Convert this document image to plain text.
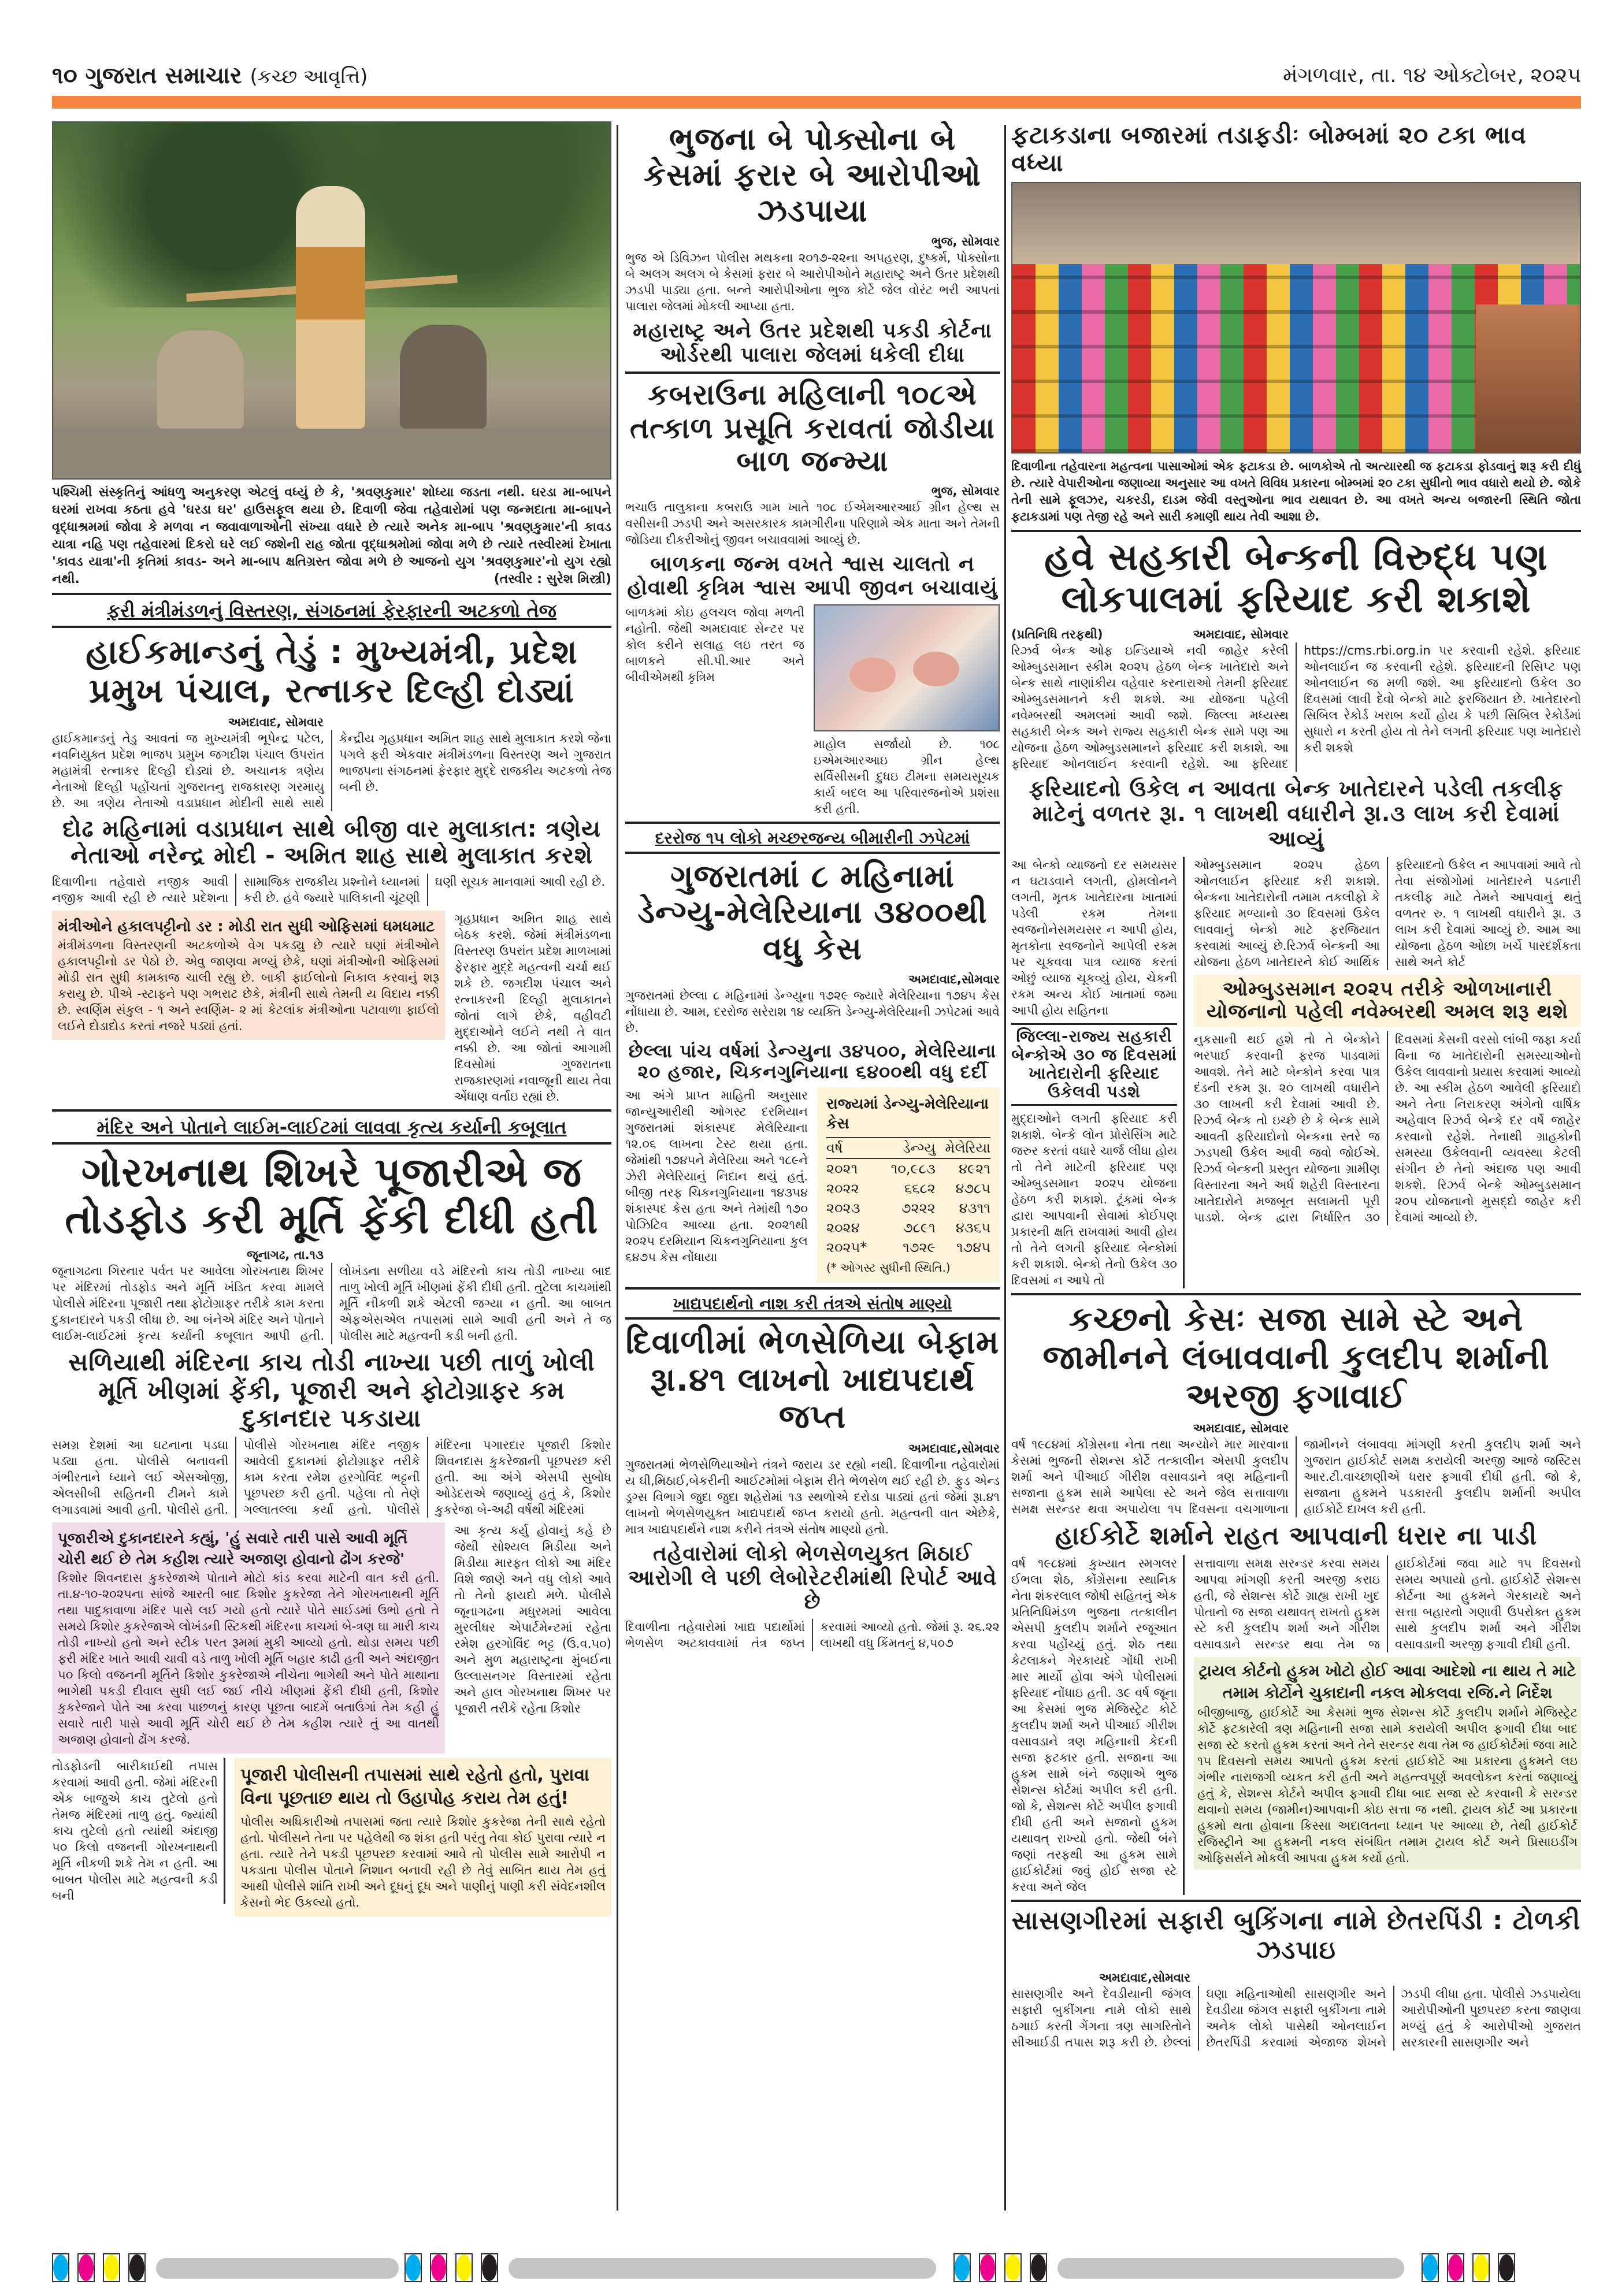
૧૦ ગુજરાત સમાચાર (કચ્છ આવૃત્તિ)	મંગળવાર, તા. ૧૪ ઓક્ટોબર, ૨૦૨૫
પશ્ચિમી સંસ્કૃતિનું આંધળુ અનુકરણ એટલું વધ્યું છે કે, 'શ્રવણકુમાર' શોધ્યા જડતા નથી. ઘરડા મા-બાપને ઘરમાં રાખવા કઠતા હવે 'ઘરડા ઘર' હાઉસફૂલ થયા છે. દિવાળી જેવા તહેવારોમાં પણ જન્મદાતા મા-બાપને વૃદ્ધાશ્રમમાં જોવા કે મળવા ન જવાવાળાઓની સંખ્યા વધારે છે ત્યારે અનેક મા-બાપ 'શ્રવણકુમાર'ની કાવડ યાત્રા નહિ પણ તહેવારમાં દિકરો ઘરે લઈ જશેની રાહ જોતા વૃદ્ધાશ્રમોમાં જોવા મળે છે ત્યારે તસ્વીરમાં દેખાતા 'કાવડ યાત્રા'ની કૃતિમાં કાવડ- અને મા-બાપ ક્ષતિગ્રસ્ત જોવા મળે છે આજનો યુગ 'શ્રવણકુમાર'નો યુગ રહ્યો નથી.	(તસ્વીર : સુરેશ મિસ્ત્રી)
ફરી મંત્રીમંડળનું વિસ્તરણ, સંગઠનમાં ફેરફારની અટકળો તેજ
હાઈકમાન્ડનું તેડું : મુખ્યમંત્રી, પ્રદેશ પ્રમુખ પંચાલ, રત્નાકર દિલ્હી દોડ્યાં
અમદાવાદ, સોમવાર
હાઈકમાન્ડનું તેડુ આવતાં જ મુખ્યમંત્રી ભૂપેન્દ્ર પટેલ, નવનિયુક્ત પ્રદેશ ભાજપ પ્રમુખ જગદીશ પંચાલ ઉપરાંત મહામંત્રી રત્નાકર દિલ્હી દોડ્યાં છે. અચાનક ત્રણેય નેતાઓ દિલ્હી પહોંચતાં ગુજરાતનુ રાજકારણ ગરમાયુ છે. આ ત્રણેય નેતાઓ વડાપ્રધાન મોદીની સાથે સાથે કેન્દ્રીય ગૃહપ્રધાન અમિત શાહ સાથે મુલાકાત કરશે જેના પગલે ફરી એકવાર મંત્રીમંડળના વિસ્તરણ અને ગુજરાત ભાજપના સંગઠનમાં ફેરફાર મુદ્દે રાજકીય અટકળો તેજ બની છે.
દોઢ મહિનામાં વડાપ્રધાન સાથે બીજી વાર મુલાકાત: ત્રણેય નેતાઓ નરેન્દ્ર મોદી - અમિત શાહ સાથે મુલાકાત કરશે
દિવાળીના તહેવારો નજીક આવી નજીક આવી રહી છે ત્યારે પ્રદેશના સામાજિક રાજકીય પ્રશ્નોને ધ્યાનમાં કરી છે. હવે જ્યારે પાલિકાની ચૂંટણી ઘણી સૂચક માનવામાં આવી રહી છે.
મંત્રીઓને હકાલપટ્ટીનો ડર : મોડી રાત સુધી ઓફિસમાં ધમધમાટ
મંત્રીમંડળના વિસ્તરણની અટકળોએ વેગ પકડ્યુ છે ત્યારે ઘણાં મંત્રીઓને હકાલપટ્ટીનો ડર પેઠો છે. એવુ જાણવા મળ્યું છેકે, ઘણાં મંત્રીઓની ઓફિસમાં મોડી રાત સુધી કામકાજ ચાલી રહ્યુ છે. બાકી ફાઈલોનો નિકાલ કરવાનું શરૂ કરાયુ છે. પીએ -સ્ટાફને પણ ગભરાટ છેકે, મંત્રીની સાથે તેમની ય વિદાય નક્કી છે. સ્વર્ણિમ સંકુલ - ૧ અને સ્વર્ણિમ- ૨ માં કેટલાંક મંત્રીઓના પટાવાળા ફાઈલો લઈને દોડાદોડ કરતાં નજરે પડ્યાં હતાં.
ગૃહપ્રધાન અમિત શાહ સાથે બેઠક કરશે. જેમાં મંત્રીમંડળના વિસ્તરણ ઉપરાંત પ્રદેશ માળખામાં ફેરફાર મુદ્દે મહત્વની ચર્ચા થઈ શકે છે. જગદીશ પંચાલ અને રત્નાકરની દિલ્હી મુલાકાતને જોતાં લાગે છેકે, વહીવટી મુદ્દાઓને લઈને નથી તે વાત નક્કી છે. આ જોતાં આગામી દિવસોમાં ગુજરાતના રાજકારણમાં નવાજૂની થાય તેવા એંધાણ વર્તાઇ રહ્યાં છે.
મંદિર અને પોતાને લાઈમ-લાઈટમાં લાવવા કૃત્ય કર્યાની કબૂલાત
ગોરખનાથ શિખરે પૂજારીએ જ તોડફોડ કરી મૂર્તિ ફેંકી દીધી હતી
જૂનાગઢ, તા.૧૩
જૂનાગઢના ગિરનાર પર્વત પર આવેલા ગોરખનાથ શિખર પર મંદિરમાં તોડફોડ અને મૂર્તિ ખંડિત કરવા મામલે પોલીસે મંદિરના પૂજારી તથા ફોટોગ્રાફર તરીકે કામ કરતા દુકાનદારને પકડી લીધા છે. આ બંનેએ મંદિર અને પોતાને લાઈમ-લાઈટમાં કૃત્ય કર્યાની કબૂલાત આપી હતી. લોખંડના સળીયા વડે મંદિરનો કાચ તોડી નાખ્યા બાદ તાળુ ખોલી મૂર્તિ ખીણમાં ફેંકી દીધી હતી. તુટેલા કાચમાંથી મૂર્તિ નીકળી શકે એટલી જગ્યા ન હતી. આ બાબત એફએસએલ તપાસમાં સામે આવી હતી અને તે જ પોલીસ માટે મહત્વની કડી બની હતી.
સળિયાથી મંદિરના કાચ તોડી નાખ્યા પછી તાળું ખોલી મૂર્તિ ખીણમાં ફેંકી, પૂજારી અને ફોટોગ્રાફર કમ દુકાનદાર પકડાયા
સમગ્ર દેશમાં આ ઘટનાના પડઘા પડ્યા હતા. પોલીસે બનાવની ગંભીરતાને ધ્યાને લઈ એસઓજી, એલસીબી સહિતની ટીમને કામે લગાડવામાં આવી હતી. પોલીસે હતી. પોલીસે ગોરખનાથ મંદિર નજીક આવેલી દુકાનમાં ફોટોગ્રાફર તરીકે કામ કરતા રમેશ હરગોવિંદ ભટ્ટની પૂછપરછ કરી હતી. પહેલા તો તેણે ગલ્લાતલ્લા કર્યા હતો. પોલીસે મંદિરના પગારદાર પૂજારી કિશોર શિવનદાસ કુકરેજાની પૂછપરછ કરી હતી. આ અંગે એસપી સુબોધ ઓડેદરાએ જણાવ્યું હતું કે, કિશોર કુકરેજા બે-અઢી વર્ષથી મંદિરમાં
પૂજારીએ દુકાનદારને કહ્યું, 'હું સવારે તારી પાસે આવી મૂર્તિ ચોરી થઈ છે તેમ કહીશ ત્યારે અજાણ હોવાનો ઢોંગ કરજે'
કિશોર શિવનદાસ કુકરેજાએ પોતાને મોટો કાંડ કરવા માટેની વાત કરી હતી. તા.૪-૧૦-૨૦૨૫ના સાંજે આરતી બાદ કિશોર કુકરેજા તેને ગોરખનાથની મૂર્તિ તથા પાદુકાવાળા મંદિર પાસે લઈ ગયો હતો ત્યારે પોતે સાઈડમાં ઉભો હતો તે સમયે કિશોર કુકરેજાએ લોખંડની સ્ટિકથી મંદિરના કાચમાં બે-ત્રણ ઘા મારી કાચ તોડી નાખ્યો હતો અને સ્ટીક પરત રૂમમાં મુકી આવ્યો હતો. થોડા સમય પછી ફરી મંદિર ખાતે આવી ચાવી વડે તાળુ ખોલી મૂર્તિ બહાર કાઢી હતી અને અંદાજીત ૫૦ કિલો વજનની મૂર્તિને કિશોર કુકરેજાએ નીચેના ભાગેથી અને પોતે માથાના ભાગેથી પકડી દીવાલ સુધી લઈ જઈ નીચે ખીણમાં ફેંકી દીધી હતી, કિશોર કુકરેજાને પોતે આ કરવા પાછળનું કારણ પૂછતા બાદમેં બતાઉંગાં તેમ કહી હું સવારે તારી પાસે આવી મૂર્તિ ચોરી થઈ છે તેમ કહીશ ત્યારે તું આ વાતથી અજાણ હોવાનો ઢોંગ કરજે.
આ કૃત્ય કર્યુ હોવાનું કહે છે જેથી સોશ્યલ મિડીયા અને મિડીયા મારફત લોકો આ મંદિર વિશે જાણે અને વધુ લોકો આવે તો તેનો ફાયદો મળે. પોલીસે જૂનાગઢના મધુરમમાં આવેલા મુરલીધર એપાર્ટમેન્ટમાં રહેતા રમેશ હરગોવિંદ ભટ્ટ (ઉ.વ.૫૦) અને મુળ મહારાષ્ટ્રના મુંબઈના ઉલ્લાસનગર વિસ્તારમાં રહેતા અને હાલ ગોરખનાથ શિખર પર પૂજારી તરીકે રહેતા કિશોર
તોડફોડની બારીકાઈથી તપાસ કરવામાં આવી હતી. જેમાં મંદિરની એક બાજુએ કાચ તુટેલો હતો તેમજ મંદિરમાં તાળુ હતું. જ્યાંથી કાચ તુટેલો હતો ત્યાંથી અંદાજી ૫૦ કિલો વજનની ગોરખનાથની મૂર્તિ નીકળી શકે તેમ ન હતી. આ બાબત પોલીસ માટે મહત્વની કડી બની
પૂજારી પોલીસની તપાસમાં સાથે રહેતો હતો, પુરાવા વિના પૂછતાછ થાય તો ઉહાપોહ કરાય તેમ હતું!
પોલીસ અધિકારીઓ તપાસમાં જતા ત્યારે કિશોર કુકરેજા તેની સાથે રહેતો હતો. પોલીસને તેના પર પહેલેથી જ શંકા હતી પરંતુ તેવા કોઈ પુરાવા ત્યારે ન હતા. ત્યારે તેને પકડી પૂછપરછ કરવામાં આવે તો પોલીસ સામે આરોપી ન પકડાતા પોલીસ પોતાને નિશાન બનાવી રહી છે તેવું સાબિત થાય તેમ હતું આથી પોલીસે શાંતિ રાખી અને દૂધનું દૂધ અને પાણીનું પાણી કરી સંવેદનશીલ કેસનો ભેદ ઉકલ્યો હતો.
ભુજના બે પોક્સોના બે કેસમાં ફરાર બે આરોપીઓ ઝડપાયા
ભુજ, સોમવાર
ભુજ એ ડિવિઝન પોલીસ મથકના ૨૦૧૭-૨૨ના અપહરણ, દુષ્કર્મ, પોક્સોના બે અલગ અલગ બે કેસમાં ફરાર બે આરોપીઓને મહારાષ્ટ્ર અને ઉતર પ્રદેશથી ઝડપી પાડ્યા હતા. બન્ને આરોપીઓના ભુજ કોર્ટે જેલ વોરંટ ભરી આપતાં પાલારા જેલમાં મોકલી આપ્યા હતા.
મહારાષ્ટ્ર અને ઉતર પ્રદેશથી પકડી કોર્ટના ઓર્ડરથી પાલારા જેલમાં ધકેલી દીધા
કબરાઉના મહિલાની ૧૦૮એ તત્કાળ પ્રસૂતિ કરાવતાં જોડીયા બાળ જન્મ્યા
ભુજ, સોમવાર
ભચાઉ તાલુકાના કબરાઉ ગામ ખાતે ૧૦૮ ઈએમઆરઆઈ ગ્રીન હેલ્થ સ વસીસની ઝડપી અને અસરકારક કામગીરીના પરિણામે એક માતા અને તેમની જોડિયા દીકરીઓનું જીવન બચાવવામાં આવ્યું છે.
બાળકના જન્મ વખતે શ્વાસ ચાલતો ન હોવાથી કૃત્રિમ શ્વાસ આપી જીવન બચાવાયું
બાળકમાં કોઇ હલચલ જોવા મળતી નહોતી. જેથી અમદાવાદ સેન્ટર પર કોલ કરીને સલાહ લઇ તરત જ બાળકને સી.પી.આર અને બીવીએમથી કૃત્રિમ
માહોલ સર્જાયો છે. ૧૦૮ ઇએમઆરઆઇ ગ્રીન હેલ્થ સર્વિસીસની દુધઇ ટીમના સમયસૂચક કાર્ય બદલ આ પરિવારજનોએ પ્રશંસા કરી હતી.
દરરોજ ૧૫ લોકો મચ્છરજન્ય બીમારીની ઝપેટમાં
ગુજરાતમાં ૮ મહિનામાં ડેન્ગ્યુ-મેલેરિયાના ૩૪૦૦થી વધુ કેસ
અમદાવાદ,સોમવાર
ગુજરાતમાં છેલ્લા ૮ મહિનામાં ડેન્ગ્યુના ૧૭૨૯ જ્યારે મેલેરિયાના ૧૭૪૫ કેસ નોંધાયા છે. આમ, દરરોજ સરેરાશ ૧૪ વ્યક્તિ ડેન્ગ્યુ-મેલેરિયાની ઝપેટમાં આવે છે.
છેલ્લા પાંચ વર્ષમાં ડેન્ગ્યુના ૩૪૫૦૦, મેલેરિયાના ૨૦ હજાર, ચિકનગુનિયાના ૬૪૦૦થી વધુ દર્દી
આ અંગે પ્રાપ્ત માહિતી અનુસાર જાન્યુઆરીથી ઓગસ્ટ દરમિયાન ગુજરાતમાં શંકાસ્પદ મેલેરિયાના ૧૨.૦૬ લાખના ટેસ્ટ થયા હતા. જેમાંથી ૧૭૪૫ને મેલેરિયા અને ૧૮૯ને ઝેરી મેલેરિયાનું નિદાન થયું હતું. બીજી તરફ ચિકનગુનિયાના ૧૪૩૫૪ શંકાસ્પદ કેસ હતા અને તેમાંથી ૧૭૦ પોઝિટિવ આવ્યા હતા. ૨૦૨૧થી ૨૦૨૫ દરમિયાન ચિકનગુનિયાના કુલ ૬૪૭૫ કેસ નોંધાયા
રાજ્યમાં ડેન્ગ્યુ-મેલેરિયાના કેસ
વર્ષ	ડેન્ગ્યુ મેલેરિયા
૨૦૨૧	૧૦,૯૮૩	૪૯૨૧
૨૦૨૨	૬૬૮૨	૪૭૮૫
૨૦૨૩	૭૨૨૨	૪૩૧૧
૨૦૨૪	૭૮૯૧	૪૩૬૫
૨૦૨૫*	૧૭૨૯	૧૭૪૫
(* ઓગસ્ટ સુધીની સ્થિતિ.)
ખાદ્યપદાર્થનો નાશ કરી તંત્રએ સંતોષ માણ્યો
દિવાળીમાં ભેળસેળિયા બેફામ રૂા.૪૧ લાખનો ખાદ્યપદાર્થ જપ્ત
અમદાવાદ,સોમવાર
ગુજરાતમાં ભેળસેળિયાઓને તંત્રને જરાય ડર રહ્યો નથી. દિવાળીના તહેવારોમાં ય ઘી,મિઠાઈ,બેકરીની આઈટમોમાં બેફામ રીતે ભેળસેળ થઈ રહી છે. ફુડ એન્ડ ડ્રગ્સ વિભાગે જુદા જુદા શહેરોમાં ૧૩ સ્થળોએ દરોડા પાડ્યાં હતાં જેમાં રૂા.૪૧ લાખનો ભેળસેળયુક્ત ખાદ્યપદાર્થ જપ્ત કરાયો હતો. મહત્વની વાત એછેકે, માત્ર ખાદ્યપદાર્થને નાશ કરીને તંત્રએ સંતોષ માણ્યો હતો.
તહેવારોમાં લોકો ભેળસેળયુક્ત મિઠાઈ આરોગી લે પછી લેબોરેટરીમાંથી રિપોર્ટ આવે છે
દિવાળીના તહેવારોમાં ખાદ્ય પદાર્થોમાં ભેળસેળ અટકાવવામાં તંત્ર જપ્ત કરવામાં આવ્યો હતો. જેમાં રૂ. ૨૬.૨૨ લાખથી વધુ કિંમતનું ૪,૫૦૭
ફટાકડાના બજારમાં તડાફડીઃ બોમ્બમાં ૨૦ ટકા ભાવ વધ્યા
દિવાળીના તહેવારના મહત્વના પાસાઓમાં એક ફટાકડા છે. બાળકોએ તો અત્યારથી જ ફટાકડા ફોડવાનું શરૂ કરી દીધું છે. ત્યારે વેપારીઓના જણાવ્યા અનુસાર આ વખતે વિવિધ પ્રકારના બોમ્બમાં ૨૦ ટકા સુધીનો ભાવ વધારો થયો છે. જોકે તેની સામે ફૂલઝર, ચકરડી, દાડમ જેવી વસ્તુઓના ભાવ યથાવત છે. આ વખતે અન્ય બજારની સ્થિતિ જોતા ફટાકડામાં પણ તેજી રહે અને સારી કમાણી થાય તેવી આશા છે.
હવે સહકારી બેન્કની વિરુદ્ધ પણ લોકપાલમાં ફરિયાદ કરી શકાશે
(પ્રતિનિધિ તરફથી)	અમદાવાદ, સોમવાર
રિઝર્વ બેન્ક ઓફ ઇન્ડિયાએ નવી જાહેર કરેલી ઓમ્બુડસમાન સ્કીમ ૨૦૨૫ હેઠળ બેન્ક ખાતેદારો અને બેન્ક સાથે નાણાંકીય વહેવાર કરનારાઓ તેમની ફરિયાદ ઓમ્બુડસમાનને કરી શકશે. આ યોજના પહેલી નવેમ્બરથી અમલમાં આવી જશે. જિલ્લા મધ્યસ્થ સહકારી બેન્ક અને રાજ્ય સહકારી બેન્ક સામે પણ આ યોજના હેઠળ ઓમ્બુડસમાનને ફરિયાદ કરી શકાશે. આ ફરિયાદ ઓનલાઈન કરવાની રહેશે. આ ફરિયાદ https://cms.rbi.org.in પર કરવાની રહેશે. ફરિયાદ ઓનલાઈન જ કરવાની રહેશે. ફરિયાદની રિસિપ્ટ પણ ઓનલાઈન જ મળી જશે. આ ફરિયાદનો ઉકેલ ૩૦ દિવસમાં લાવી દેવો બેન્કો માટે ફરજિયાત છે. ખાતેદારનો સિબિલ રેકોર્ડ ખરાબ કર્યો હોય કે પછી સિબિલ રેકોર્ડમાં સુધારો ન કરતી હોય તો તેને લગતી ફરિયાદ પણ ખાતેદારો કરી શકશે
ફરિયાદનો ઉકેલ ન આવતા બેન્ક ખાતેદારને પડેલી તકલીફ માટેનું વળતર રૂા. ૧ લાખથી વધારીને રૂા.૩ લાખ કરી દેવામાં આવ્યું
આ બેન્કો વ્યાજનો દર સમયસર ન ઘટાડવાને લગતી, હોમલોનને લગતી, મૃતક ખાતેદારના ખાતામાં પડેલી રકમ તેમના સ્વજનોનેસમયસર ન આપી હોય, મૃતકોના સ્વજનોને આપેલી રકમ પર ચૂકવવા પાત્ર વ્યાજ કરતાં ઓછું વ્યાજ ચૂકવ્યું હોય, ચેકની રકમ અન્ય કોઈ ખાતામાં જમા આપી હોય સહિતના
જિલ્લા-રાજ્ય સહકારી બેન્કોએ ૩૦ જ દિવસમાં ખાતેદારોની ફરિયાદ ઉકેલવી પડશે
મુદ્દાઓને લગતી ફરિયાદ કરી શકાશે. બેન્કે લોન પ્રોસેસિંગ માટે જરુર કરતાં વધારે ચાર્જ લીધા હોય તો તેને માટેની ફરિયાદ પણ ઓમ્બુડસમાન ૨૦૨૫ યોજના હેઠળ કરી શકાશે. ટૂંકમાં બેન્ક દ્વારા આપવાની સેવામાં કોઈપણ પ્રકારની ક્ષતિ રાખવામાં આવી હોય તો તેને લગતી ફરિયાદ બેન્કોમાં કરી શકાશે. બેન્કો તેનો ઉકેલ ૩૦ દિવસમાં ન આપે તો
ઓમ્બુડસમાન ૨૦૨૫ હેઠળ ઓનલાઈન ફરિયાદ કરી શકાશે. બેન્કના ખાતેદારોની તમામ તકલીફો કે ફરિયાદ મળ્યાનો ૩૦ દિવસમાં ઉકેલ લાવવાનું બેન્કો માટે ફરજિયાત કરવામાં આવ્યું છે.રિઝર્વ બેન્કની આ યોજના હેઠળ ખાતેદારને કોઈ આર્થિક ફરિયાદનો ઉકેલ ન આપવામાં આવે તો તેવા સંજોગોમાં ખાતેદારને પડનારી તકલીફ માટે તેમને આપવાનું થતું વળતર રુ. ૧ લાખથી વધારીને રૂા. ૩ લાખ કરી દેવામાં આવ્યું છે. આમ આ યોજના હેઠળ ઓછા ખર્ચે પારદર્શકતા સાથે અને કોર્ટ
ઓમ્બુડસમાન ૨૦૨૫ તરીકે ઓળખાનારી યોજનાનો પહેલી નવેમ્બરથી અમલ શરૂ થશે
નુકસાની થઈ હશે તો તે બેન્કોને ભરપાઈ કરવાની ફરજ પાડવામાં આવશે. તેને માટે બેન્કોને કરવા પાત્ર દંડની રકમ રૂા. ૨૦ લાખથી વધારીને ૩૦ લાખની કરી દેવામાં આવી છે. રિઝર્વ બેન્ક તો ઇચ્છે છે કે બેન્ક સામે આવતી ફરિયાદોનો બેન્કના સ્તરે જ ઝડપથી ઉકેલ આવી જવો જોઈએ. રિઝર્વ બેન્કની પ્રસ્તુત યોજના ગ્રામીણ વિસ્તારના અને અર્ધ શહેરી વિસ્તારના ખાતેદારોને મજબૂત સલામતી પૂરી પાડશે. બેન્ક દ્વારા નિર્ધારિત ૩૦ દિવસમાં કેસની વરસો લાંબી જફા કર્યા વિના જ ખાતેદારોની સમસ્યાઓનો ઉકેલ લાવવાનો પ્રયાસ કરવામાં આવ્યો છે. આ સ્કીમ હેઠળ આવેલી ફરિયાદો અને તેના નિરાકરણ અંગેનો વાર્ષિક અહેવાલ રિઝર્વ બેન્કે દર વર્ષે જાહેર કરવાનો રહેશે. તેનાથી ગ્રાહકોની સમસ્યા ઉકેલવાની વ્યવસ્થા કેટલી સંગીન છે તેનો અંદાજ પણ આવી શકશે. રિઝર્વ બેન્કે ઓમ્બુડસમાન ૨૦૫ યોજનાનો મુસદ્દો જાહેર કરી દેવામાં આવ્યો છે.
કચ્છનો કેસઃ સજા સામે સ્ટે અને જામીનને લંબાવવાની કુલદીપ શર્માની અરજી ફગાવાઈ
અમદાવાદ, સોમવાર
વર્ષ ૧૯૮૪માં કોંગ્રેસના નેતા તથા અન્યોને માર મારવાના કેસમાં ભુજની સેશન્સ કોર્ટે તત્કાલીન એસપી કુલદીપ શર્મા અને પીઆઈ ગીરીશ વસાવડાને ત્રણ મહિનાની સજાના હુકમ સામે આપેલા સ્ટે અને જેલ સત્તાવાળા સમક્ષ સરન્ડર થવા અપાયેલા ૧૫ દિવસના વચગાળાના જામીનને લંબાવવા માંગણી કરતી કુલદીપ શર્મા અને ગુજરાત હાઈકોર્ટ સમક્ષ કરાયેલી અરજી આજે જસ્ટિસ આર.ટી.વાચ્છાણીએ ધરાર ફગાવી દીધી હતી. જો કે, સજાના હુકમને પડકારતી કુલદીપ શર્માની અપીલ હાઈકોર્ટે દાખલ કરી હતી.
હાઈકોર્ટે શર્માને રાહત આપવાની ધરાર ના પાડી
વર્ષ ૧૯૮૪માં કુખ્યાત સ્મગલર ઈભલા શેઠ, કોંગ્રેસના સ્થાનિક નેતા શંકરલાલ જોષી સહિતનું એક પ્રતિનિધિમંડળ ભુજના તત્કાલીન એસપી કુલદીપ શર્માને રજૂઆત કરવા પહોંચ્યું હતું. શેઠ તથા કેટલાકને ગેરકાયદે ગોંધી રાખી માર માર્યો હોવા અંગે પોલીસમાં ફરિયાદ નોંધાઇ હતી. ૩૯ વર્ષ જૂના આ કેસમાં ભુજ મેજિસ્ટ્રેટ કોર્ટે કુલદીપ શર્મા અને પીઆઈ ગીરીશ વસાવડાને ત્રણ મહિનાની કેદની સજા ફટકાર હતી. સજાના આ હુકમ સામે બંને જણાએ ભુજ સેશન્સ કોર્ટમાં અપીલ કરી હતી. જો કે, સેશન્સ કોર્ટે અપીલ ફગાવી દીધી હતી અને સજાનો હુકમ યથાવત્ રાખ્યો હતો. જેથી બંને જણાં તરફથી આ હુકમ સામે હાઈકોર્ટમાં જવું હોઈ સજા સ્ટે કરવા અને જેલ
સત્તાવાળા સમક્ષ સરન્ડર કરવા સમય આપવા માંગણી કરતી અરજી કરાઇ હતી, જે સેશન્સ કોર્ટે ગ્રાહ્ય રાખી ખુદ પોતાનો જ સજા યથાવત્ રાખતો હુકમ સ્ટે કરી કુલદીપ શર્મા અને ગીરીશ વસાવડાને સરન્ડર થવા તેમ જ હાઈકોર્ટમાં જવા માટે ૧૫ દિવસનો સમય અપાયો હતો. હાઈકોર્ટે સેશન્સ કોર્ટના આ હુકમને ગેરકાયદે અને સત્તા બહારનો ગણાવી ઉપરોક્ત હુકમ સાથે કુલદીપ શર્મા અને ગીરીશ વસાવડાની અરજી ફગાવી દીધી હતી.
ટ્રાયલ કોર્ટનો હુકમ ખોટો હોઈ આવા આદેશો ના થાય તે માટે તમામ કોર્ટોને ચુકાદાની નકલ મોકલવા રજિ.ને નિર્દેશ
બીજીબાજુ, હાઈકોર્ટે આ કેસમાં ભુજ સેશન્સ કોર્ટે કુલદીપ શર્માને મેજિસ્ટ્રેટ કોર્ટે ફટકારેલી ત્રણ મહિનાની સજા સામે કરાયેલી અપીલ ફગાવી દીધા બાદ સજા સ્ટે કરતો હુકમ કરતાં અને તેને સરન્ડર થવા તેમ જ હાઈકોર્ટમાં જવા માટે ૧૫ દિવસનો સમય આપતો હુકમ કરતાં હાઈકોર્ટે આ પ્રકારના હુકમને લઇ ગંભીર નારાજગી વ્યકત કરી હતી અને મહત્ત્વપૂર્ણ અવલોકન કરતાં જણાવ્યું હતું કે, સેશન્સ કોર્ટને અપીલ ફગાવી દીધા બાદ સજા સ્ટે કરવાની કે સરન્ડર થવાનો સમય (જામીન)આપવાની કોઇ સત્તા જ નથી. ટ્રાયલ કોર્ટ આ પ્રકારના હુકમો થતા હોવાના કિસ્સા અદાલતના ધ્યાન પર આવ્યા છે, તેથી હાઈકોર્ટ રજિસ્ટ્રીને આ હુકમની નકલ સંબંધિત તમામ ટ્રાયલ કોર્ટ અને પ્રિસાઇડીંગ ઓફિસર્સને મોકલી આપવા હુકમ કર્યો હતો.
સાસણગીરમાં સફારી બુકિંગના નામે છેતરપિંડી : ટોળકી ઝડપાઇ
અમદાવાદ,સોમવાર
સાસણગીર અને દેવડીયાની જંગલ સફારી બુકીંગના નામે લોકો સાથે ઠગાઈ કરતી ગેંગના ત્રણ સાગરિતોને સીઆઈડી તપાસ શરૂ કરી છે. છેલ્લાં ઘણા મહિનાઓથી સાસણગીર અને દેવડીયા જંગલ સફારી બુકીંગના નામે અનેક લોકો પાસેથી ઓનલાઈન છેતરપિંડી કરવામાં એજાજ શેખને ઝડપી લીધા હતા. પોલીસે ઝડપાયેલા આરોપીઓની પુછપરછ કરતા જાણવા મળ્યું હતું કે આરોપીઓ ગુજરાત સરકારની સાસણગીર અને
